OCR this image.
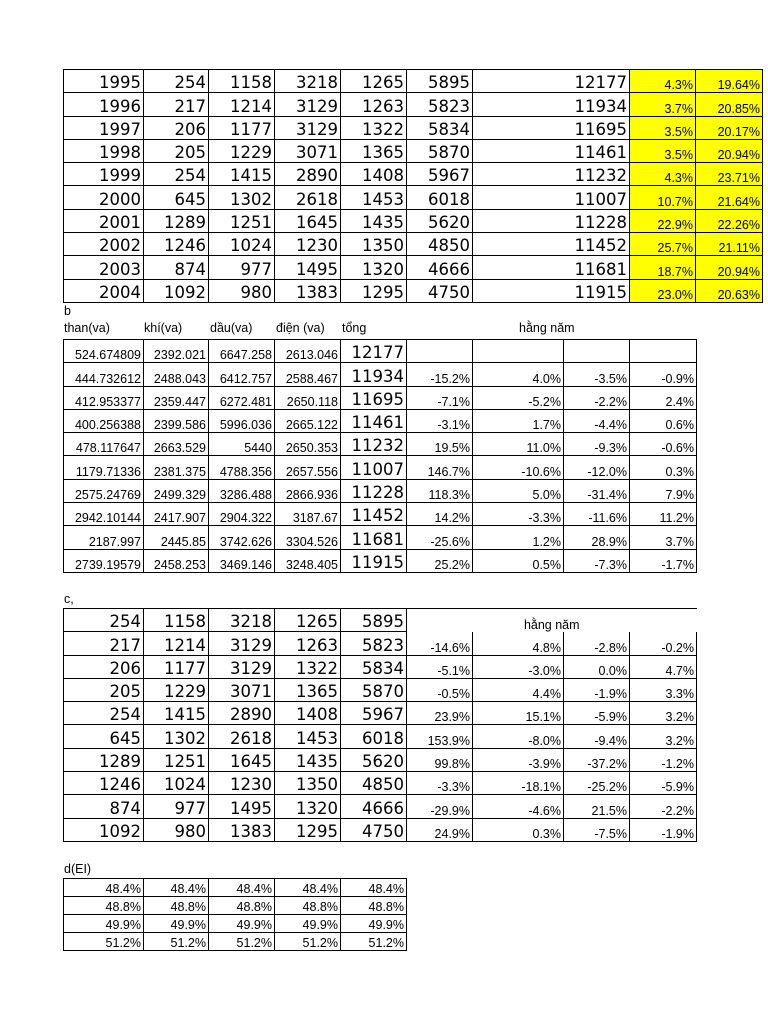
1995	254	1158	3218	1265	5895	12177	4.3%	19.64%
1996	217	1214	3129	1263	5823	11934	3.7%	20.85%
1997	206	1177	3129	1322	5834	11695	3.5%	20.17%
1998	205	1229	3071	1365	5870	11461	3.5%	20.94%
1999	254	1415	2890	1408	5967	11232	4.3%	23.71%
2000	645	1302	2618	1453	6018	11007	10.7%	21.64%
2001	1289	1251	1645	1435	5620	11228	22.9%	22.26%
2002	1246	1024	1230	1350	4850	11452	25.7%	21.11%
2003	874	977	1495	1320	4666	11681	18.7%	20.94%
2004	1092	980	1383	1295	4750	11915	23.0%	20.63%
b
than(va)	khí(va) dầu(va) điện (va) tổng	hằng năm
524.674809	2392.021	6647.258	2613.046	12177				
444.732612	2488.043	6412.757	2588.467	11934	-15.2%	4.0%	-3.5%	-0.9%
412.953377	2359.447	6272.481	2650.118	11695	-7.1%	-5.2%	-2.2%	2.4%
400.256388	2399.586	5996.036	2665.122	11461	-3.1%	1.7%	-4.4%	0.6%
478.117647	2663.529	5440	2650.353	11232	19.5%	11.0%	-9.3%	-0.6%
1179.71336	2381.375	4788.356	2657.556	11007	146.7%	-10.6%	-12.0%	0.3%
2575.24769	2499.329	3286.488	2866.936	11228	118.3%	5.0%	-31.4%	7.9%
2942.10144	2417.907	2904.322	3187.67	11452	14.2%	-3.3%	-11.6%	11.2%
2187.997	2445.85	3742.626	3304.526	11681	-25.6%	1.2%	28.9%	3.7%
2739.19579	2458.253	3469.146	3248.405	11915	25.2%	0.5%	-7.3%	-1.7%
c,
254	1158	3218	1265	5895	hằng năm			
217	1214	3129	1263	5823	-14.6%	4.8%	-2.8%	-0.2%
206	1177	3129	1322	5834	-5.1%	-3.0%	0.0%	4.7%
205	1229	3071	1365	5870	-0.5%	4.4%	-1.9%	3.3%
254	1415	2890	1408	5967	23.9%	15.1%	-5.9%	3.2%
645	1302	2618	1453	6018	153.9%	-8.0%	-9.4%	3.2%
1289	1251	1645	1435	5620	99.8%	-3.9%	-37.2%	-1.2%
1246	1024	1230	1350	4850	-3.3%	-18.1%	-25.2%	-5.9%
874	977	1495	1320	4666	-29.9%	-4.6%	21.5%	-2.2%
1092	980	1383	1295	4750	24.9%	0.3%	-7.5%	-1.9%
d(EI)
48.4%	48.4%	48.4%	48.4%	48.4%
48.8%	48.8%	48.8%	48.8%	48.8%
49.9%	49.9%	49.9%	49.9%	49.9%
51.2%	51.2%	51.2%	51.2%	51.2%
